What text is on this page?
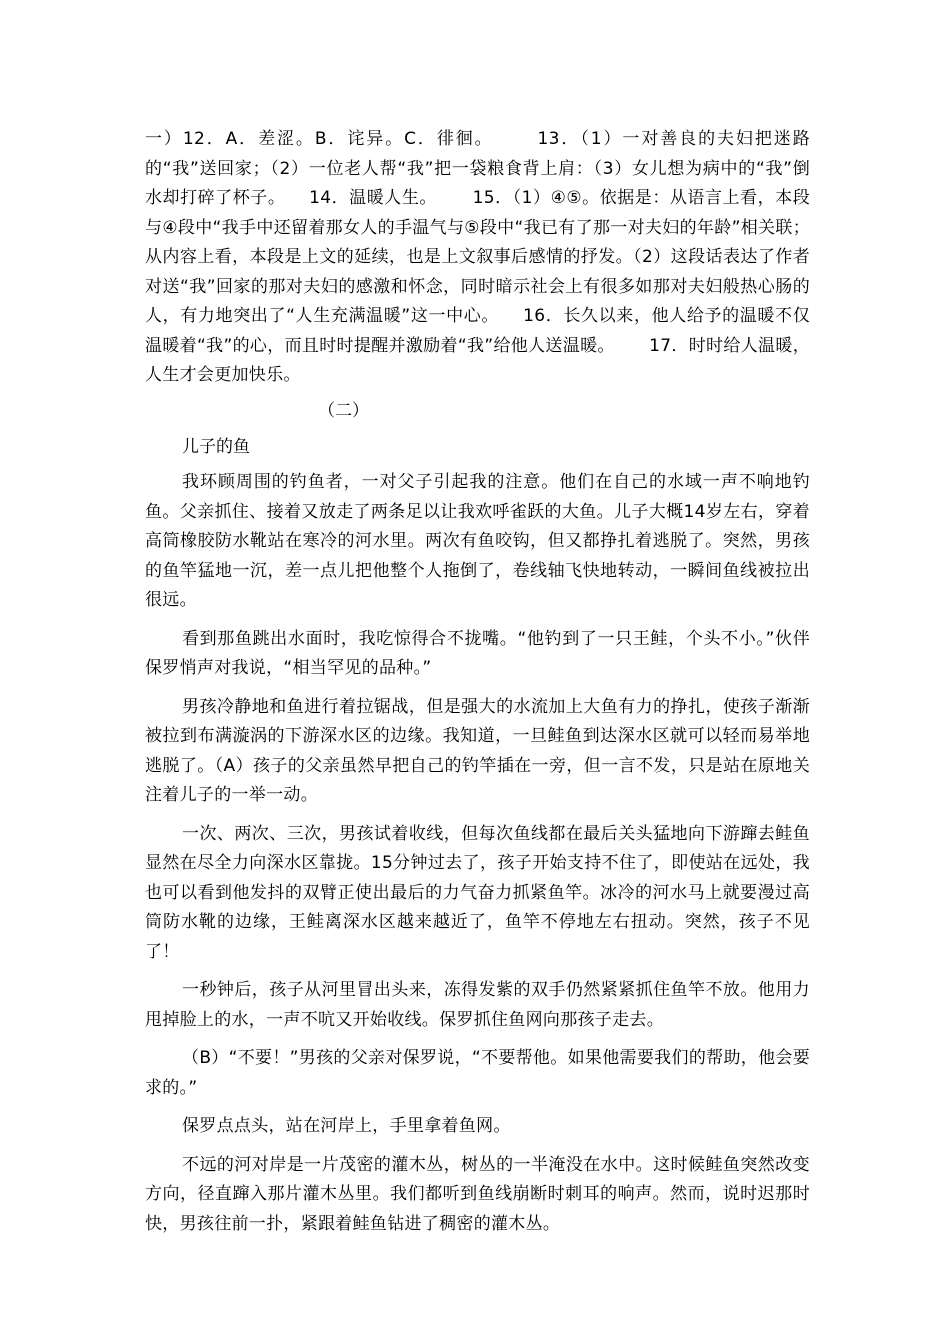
一）12．A．差涩。B．诧异。C．徘徊。      13．（1）一对善良的夫妇把迷路的“我”送回家；（2）一位老人帮“我”把一袋粮食背上肩：（3）女儿想为病中的“我”倒水却打碎了杯子。    14．温暖人生。      15．（1）④⑤。依据是：从语言上看，本段与④段中“我手中还留着那女人的手温气与⑤段中“我已有了那一对夫妇的年龄”相关联；从内容上看，本段是上文的延续，也是上文叙事后感情的抒发。（2）这段话表达了作者对送“我”回家的那对夫妇的感激和怀念，同时暗示社会上有很多如那对夫妇般热心肠的人，有力地突出了“人生充满温暖”这一中心。    16．长久以来，他人给予的温暖不仅温暖着“我”的心，而且时时提醒并激励着“我”给他人送温暖。      17．时时给人温暖，人生才会更加快乐。
（二）
儿子的鱼

我环顾周围的钓鱼者，一对父子引起我的注意。他们在自己的水域一声不响地钓鱼。父亲抓住、接着又放走了两条足以让我欢呼雀跃的大鱼。儿子大概14岁左右，穿着高筒橡胶防水靴站在寒冷的河水里。两次有鱼咬钩，但又都挣扎着逃脱了。突然，男孩的鱼竿猛地一沉，差一点儿把他整个人拖倒了，卷线轴飞快地转动，一瞬间鱼线被拉出很远。

看到那鱼跳出水面时，我吃惊得合不拢嘴。“他钓到了一只王鲑，个头不小。”伙伴保罗悄声对我说，“相当罕见的品种。”

男孩冷静地和鱼进行着拉锯战，但是强大的水流加上大鱼有力的挣扎，使孩子渐渐被拉到布满漩涡的下游深水区的边缘。我知道，一旦鲑鱼到达深水区就可以轻而易举地逃脱了。（A）孩子的父亲虽然早把自己的钓竿插在一旁，但一言不发，只是站在原地关注着儿子的一举一动。

一次、两次、三次，男孩试着收线，但每次鱼线都在最后关头猛地向下游蹿去鲑鱼显然在尽全力向深水区靠拢。15分钟过去了，孩子开始支持不住了，即使站在远处，我也可以看到他发抖的双臂正使出最后的力气奋力抓紧鱼竿。冰冷的河水马上就要漫过高筒防水靴的边缘，王鲑离深水区越来越近了，鱼竿不停地左右扭动。突然，孩子不见了！

一秒钟后，孩子从河里冒出头来，冻得发紫的双手仍然紧紧抓住鱼竿不放。他用力甩掉脸上的水，一声不吭又开始收线。保罗抓住鱼网向那孩子走去。

（B）“不要！”男孩的父亲对保罗说，“不要帮他。如果他需要我们的帮助，他会要求的。”

保罗点点头，站在河岸上，手里拿着鱼网。

不远的河对岸是一片茂密的灌木丛，树丛的一半淹没在水中。这时候鲑鱼突然改变方向，径直蹿入那片灌木丛里。我们都听到鱼线崩断时刺耳的响声。然而，说时迟那时快，男孩往前一扑，紧跟着鲑鱼钻进了稠密的灌木丛。
